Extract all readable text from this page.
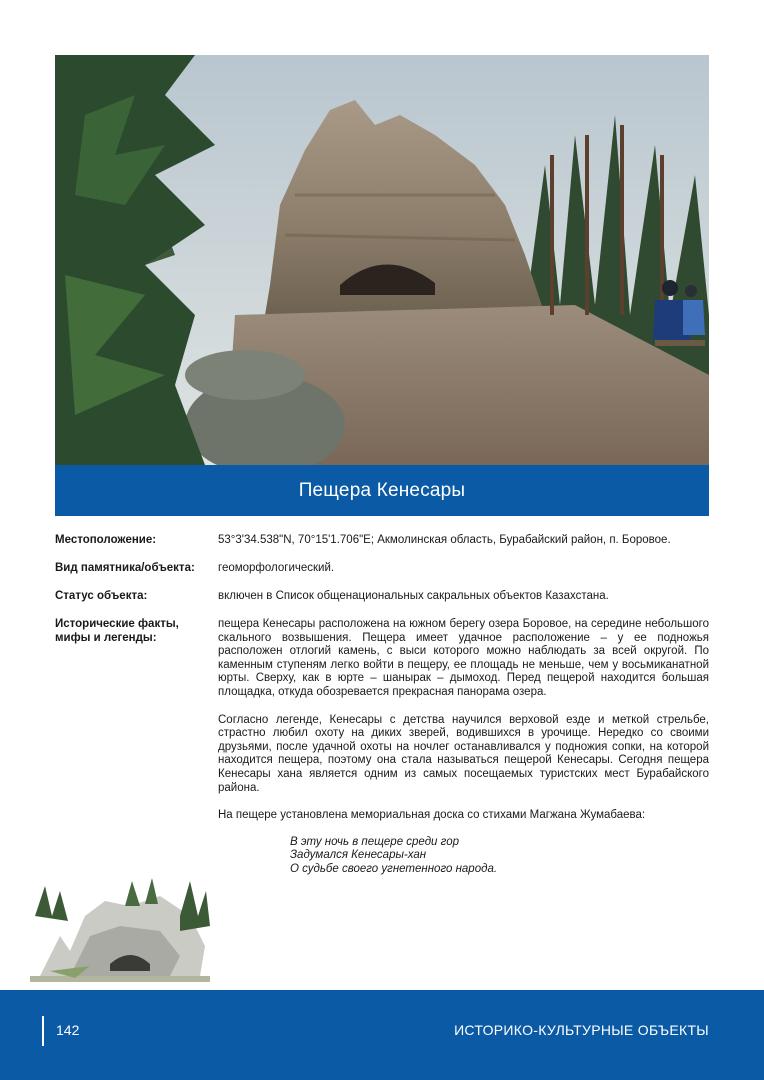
Пещера Кенесары
Местоположение:	53°3'34.538"N, 70°15'1.706"E; Акмолинская область, Бурабайский район, п. Боровое.
Вид памятника/объекта:	геоморфологический.
Статус объекта:	включен в Список общенациональных сакральных объектов Казахстана.
Исторические факты, мифы и легенды:

пещера Кенесары расположена на южном берегу озера Боровое, на середине небольшого скального возвышения. Пещера имеет удачное расположение – у ее подножья расположен отлогий камень, с выси которого можно наблюдать за всей округой. По каменным ступеням легко войти в пещеру, ее площадь не меньше, чем у восьмиканатной юрты. Сверху, как в юрте – шанырак – дымоход. Перед пещерой находится большая площадка, откуда обозревается прекрасная панорама озера.

Согласно легенде, Кенесары с детства научился верховой езде и меткой стрельбе, страстно любил охоту на диких зверей, водившихся в урочище. Нередко со своими друзьями, после удачной охоты на ночлег останавливался у подножия сопки, на которой находится пещера, поэтому она стала называться пещерой Кенесары. Сегодня пещера Кенесары хана является одним из самых посещаемых туристских мест Бурабайского района.

На пещере установлена мемориальная доска со стихами Магжана Жумабаева:

В эту ночь в пещере среди гор
Задумался Кенесары-хан
О судьбе своего угнетенного народа.
142	ИСТОРИКО-КУЛЬТУРНЫЕ ОБЪЕКТЫ
